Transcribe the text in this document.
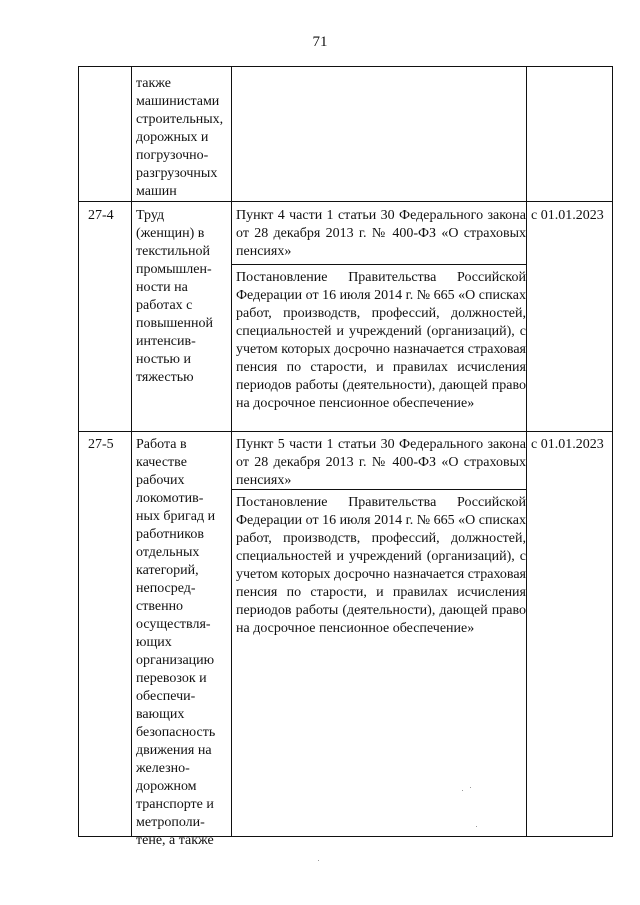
71
также
машинистами
строительных,
дорожных и
погрузочно-
разгрузочных
машин
27-4	Труд
(женщин) в
текстильной
промышлен-
ности на
работах с
повышенной
интенсив-
ностью и
тяжестью
Пункт 4 части 1 статьи 30 Федерального закона от 28 декабря 2013 г. № 400-ФЗ «О страховых пенсиях»
Постановление Правительства Российской Федерации от 16 июля 2014 г. № 665 «О списках работ, производств, профессий, должностей, специальностей и учреждений (организаций), с учетом которых досрочно назначается страховая пенсия по старости, и правилах исчисления периодов работы (деятельности), дающей право на досрочное пенсионное обеспечение»
с 01.01.2023
27-5	Работа в
качестве
рабочих
локомотив-
ных бригад и
работников
отдельных
категорий,
непосред-
ственно
осуществля-
ющих
организацию
перевозок и
обеспечи-
вающих
безопасность
движения на
железно-
дорожном
транспорте и
метрополи-
тене, а также
Пункт 5 части 1 статьи 30 Федерального закона от 28 декабря 2013 г. № 400-ФЗ «О страховых пенсиях»
Постановление Правительства Российской Федерации от 16 июля 2014 г. № 665 «О списках работ, производств, профессий, должностей, специальностей и учреждений (организаций), с учетом которых досрочно назначается страховая пенсия по старости, и правилах исчисления периодов работы (деятельности), дающей право на досрочное пенсионное обеспечение»
с 01.01.2023
